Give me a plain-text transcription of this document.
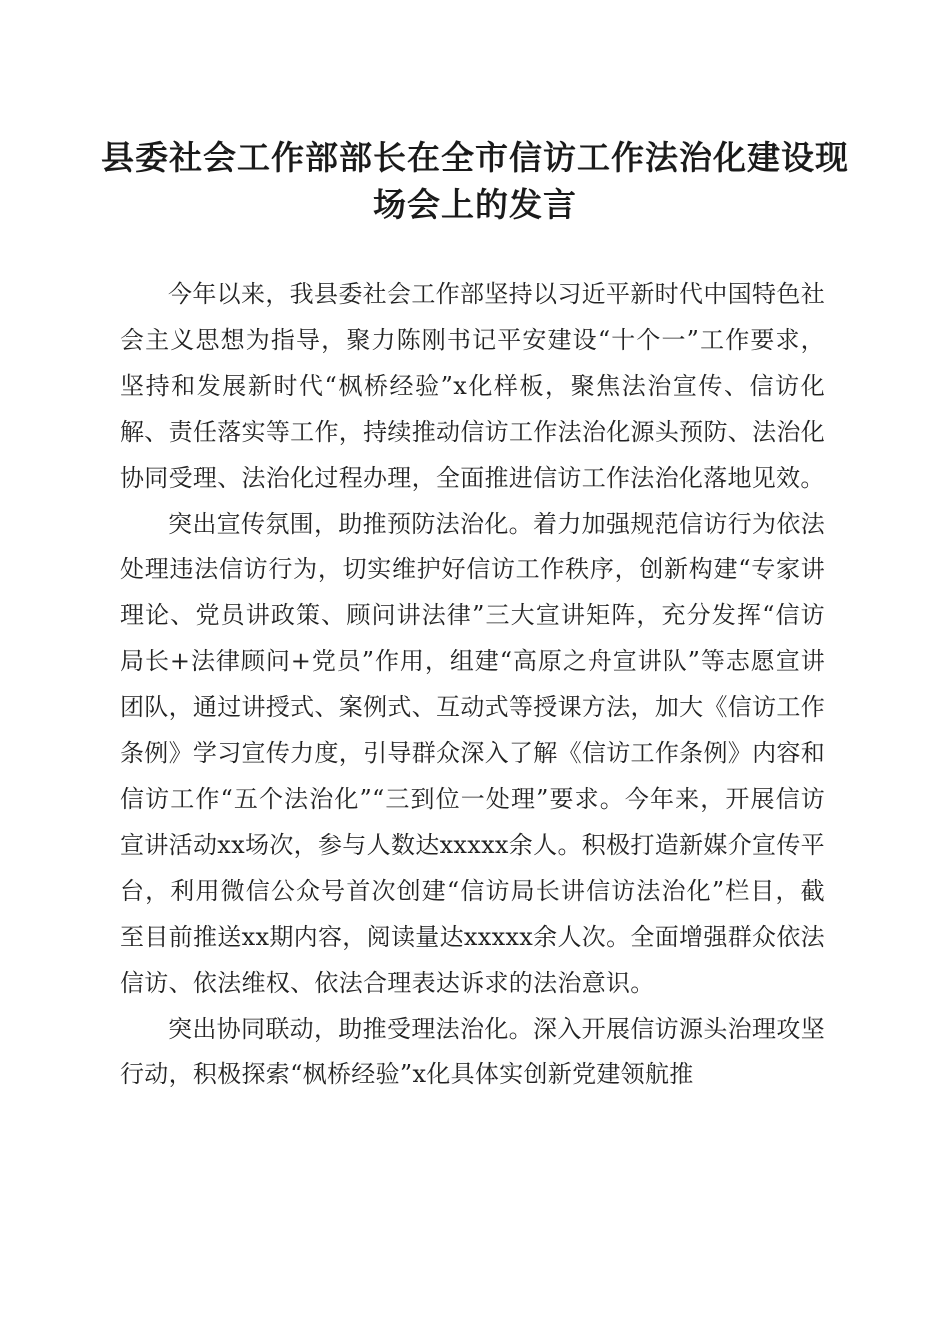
县委社会工作部部长在全市信访工作法治化建设现场会上的发言

今年以来，我县委社会工作部坚持以习近平新时代中国特色社会主义思想为指导，聚力陈刚书记平安建设“十个一”工作要求，坚持和发展新时代“枫桥经验”x化样板，聚焦法治宣传、信访化解、责任落实等工作，持续推动信访工作法治化源头预防、法治化协同受理、法治化过程办理，全面推进信访工作法治化落地见效。

突出宣传氛围，助推预防法治化。着力加强规范信访行为依法处理违法信访行为，切实维护好信访工作秩序，创新构建“专家讲理论、党员讲政策、顾问讲法律”三大宣讲矩阵，充分发挥“信访局长+法律顾问+党员”作用，组建“高原之舟宣讲队”等志愿宣讲团队，通过讲授式、案例式、互动式等授课方法，加大《信访工作条例》学习宣传力度，引导群众深入了解《信访工作条例》内容和信访工作“五个法治化”“三到位一处理”要求。今年来，开展信访宣讲活动xx场次，参与人数达xxxxx余人。积极打造新媒介宣传平台，利用微信公众号首次创建“信访局长讲信访法治化”栏目，截至目前推送xx期内容，阅读量达xxxxx余人次。全面增强群众依法信访、依法维权、依法合理表达诉求的法治意识。

突出协同联动，助推受理法治化。深入开展信访源头治理攻坚行动，积极探索“枫桥经验”x化具体实创新党建领航推
